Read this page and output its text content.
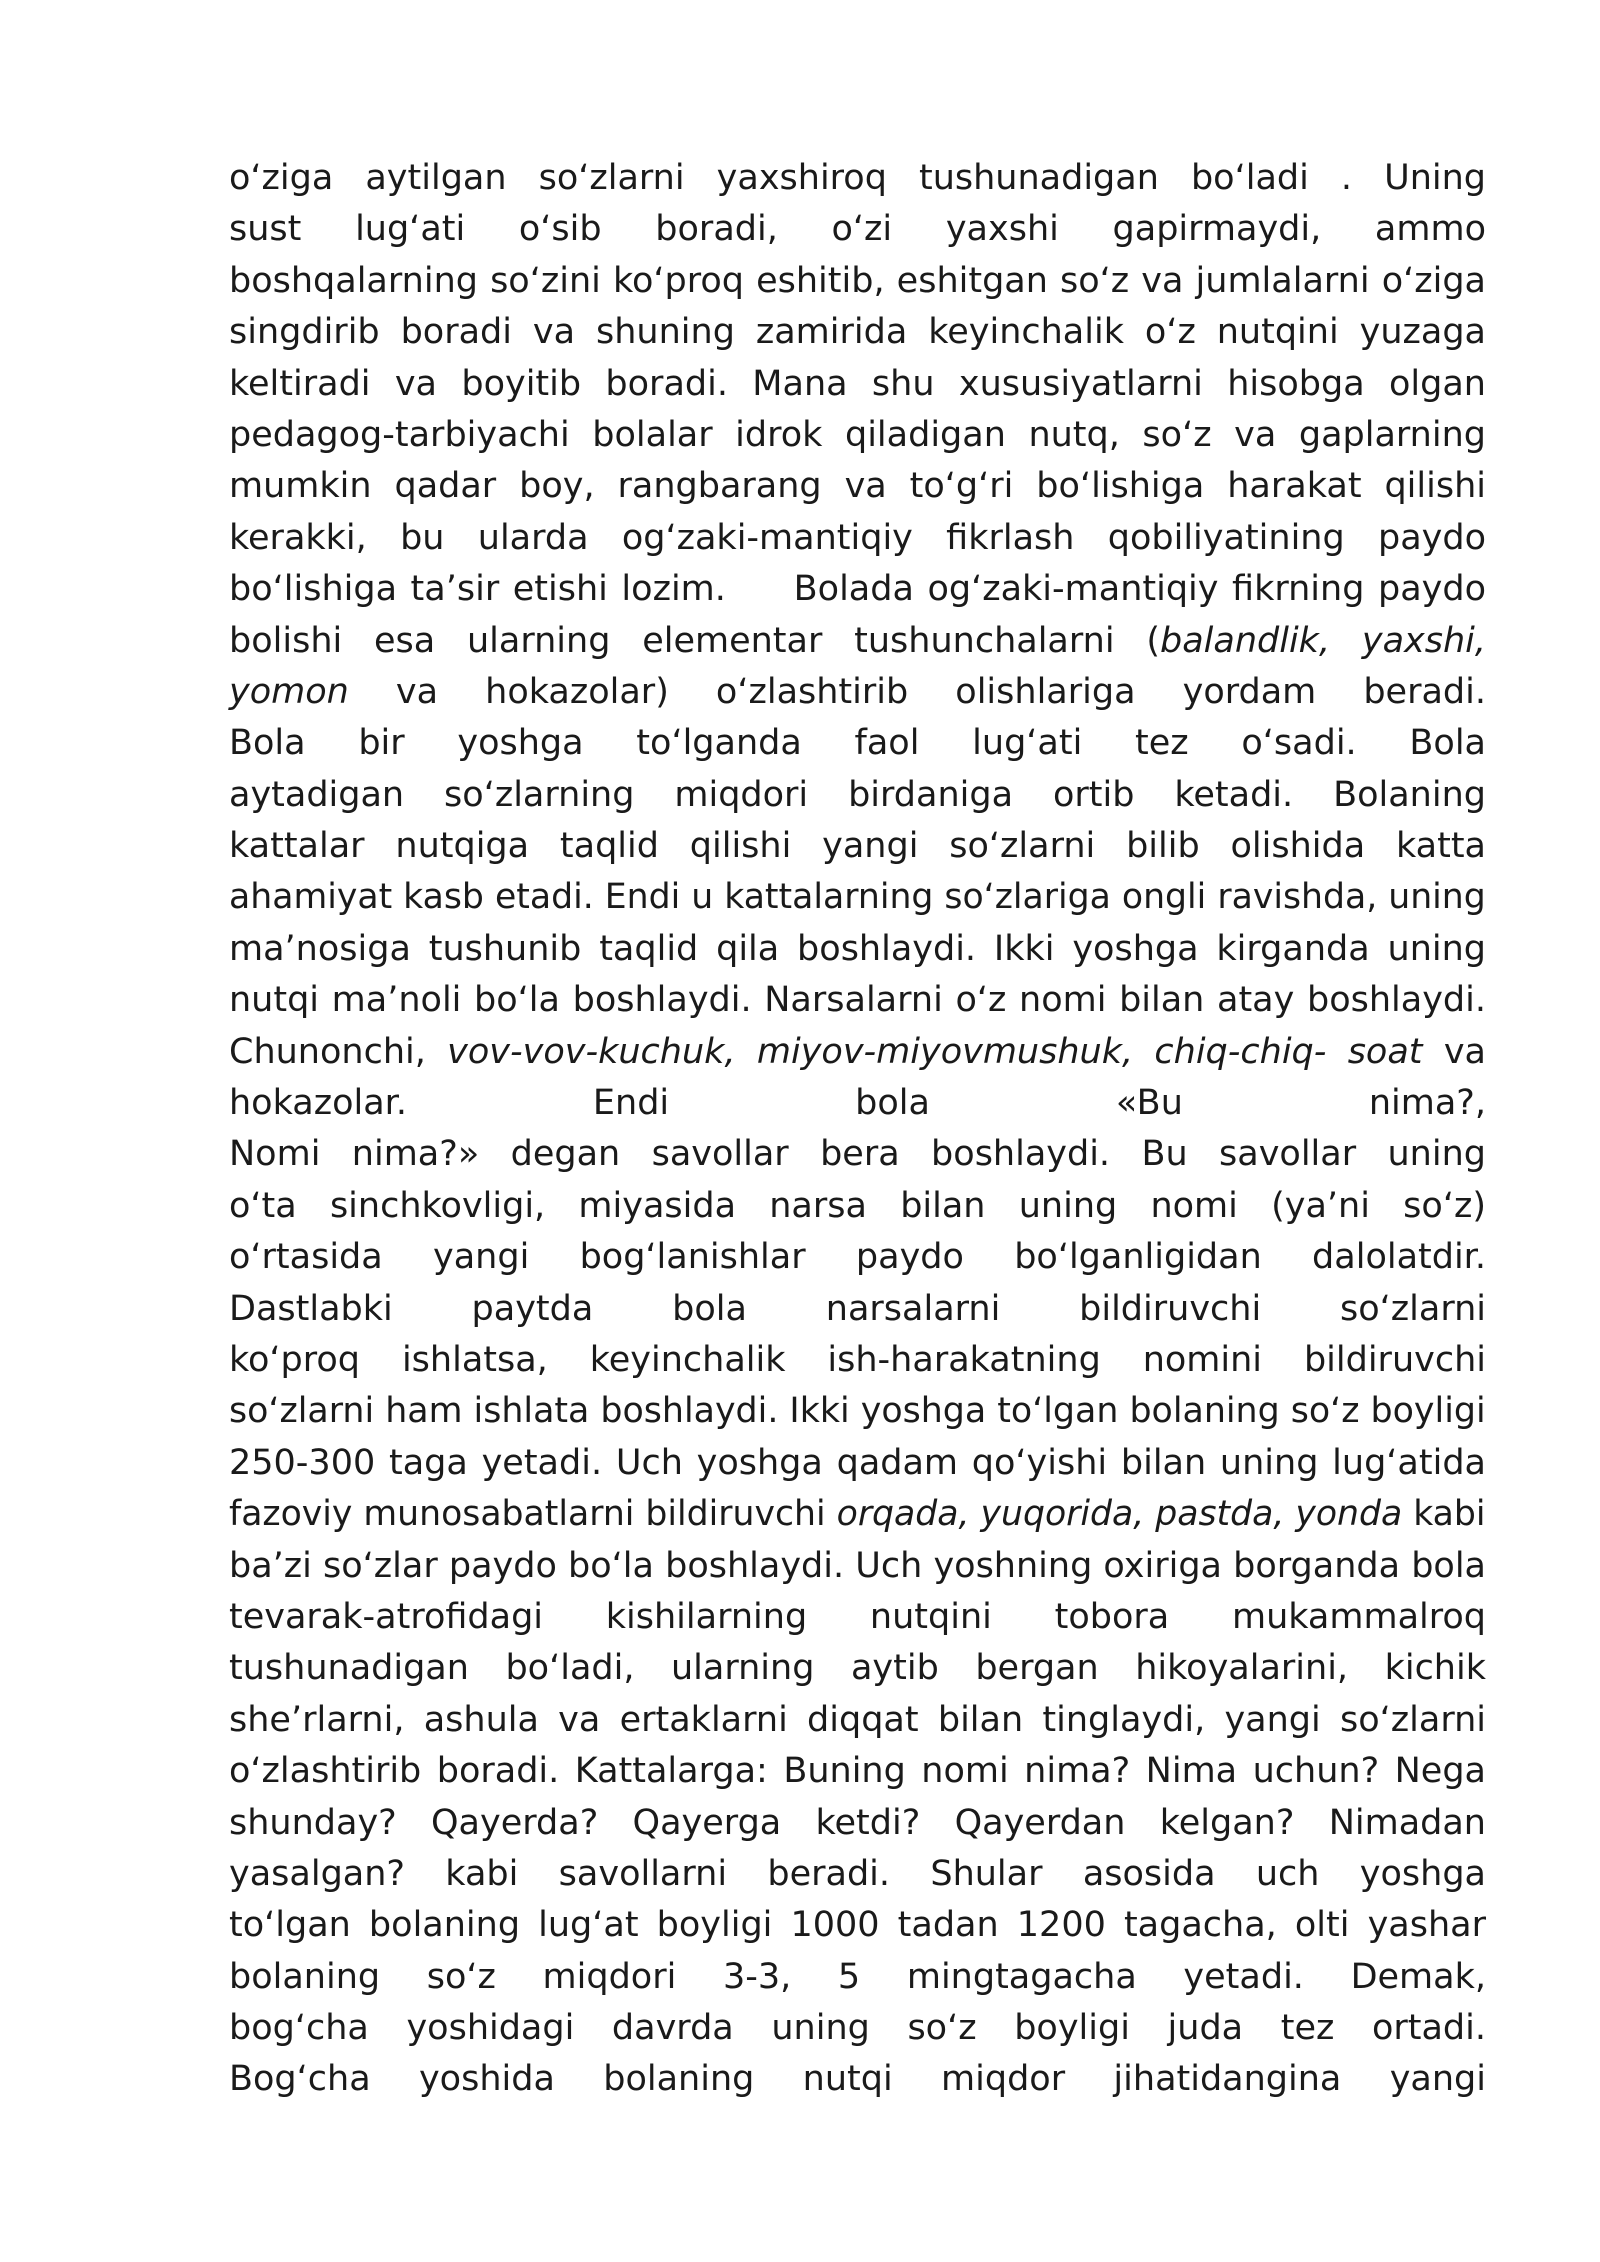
oʻziga aytilgan soʻzlarni yaxshiroq tushunadigan boʻladi . Uning
sust lugʻati oʻsib boradi, oʻzi yaxshi gapirmaydi, ammo
boshqalarning soʻzini koʻproq eshitib, eshitgan soʻz va jumlalarni oʻziga
singdirib boradi va shuning zamirida keyinchalik oʻz nutqini yuzaga
keltiradi va boyitib boradi. Mana shu xususiyatlarni hisobga olgan
pedagog-tarbiyachi bolalar idrok qiladigan nutq, soʻz va gaplarning
mumkin qadar boy, rangbarang va toʻgʻri boʻlishiga harakat qilishi
kerakki, bu ularda ogʻzaki-mantiqiy fikrlash qobiliyatining paydo
boʻlishiga taʼsir etishi lozim.     Bolada ogʻzaki-mantiqiy fikrning paydo
bolishi esa ularning elementar tushunchalarni (balandlik, yaxshi,
yomon va hokazolar) oʻzlashtirib olishlariga yordam beradi.
Bola bir yoshga toʻlganda faol lugʻati tez oʻsadi. Bola
aytadigan soʻzlarning miqdori birdaniga ortib ketadi. Bolaning
kattalar nutqiga taqlid qilishi yangi soʻzlarni bilib olishida katta
ahamiyat kasb etadi. Endi u kattalarning soʻzlariga ongli ravishda, uning
maʼnosiga tushunib taqlid qila boshlaydi. Ikki yoshga kirganda uning
nutqi maʼnoli boʻla boshlaydi. Narsalarni oʻz nomi bilan atay boshlaydi.
Chunonchi, vov-vov-kuchuk, miyov-miyovmushuk, chiq-chiq- soat va
hokazolar. Endi bola «Bu nima?,
Nomi nima?» degan savollar bera boshlaydi. Bu savollar uning
oʻta sinchkovligi, miyasida narsa bilan uning nomi (yaʼni soʻz)
oʻrtasida yangi bogʻlanishlar paydo boʻlganligidan dalolatdir.
Dastlabki paytda bola narsalarni bildiruvchi soʻzlarni
koʻproq ishlatsa, keyinchalik ish-harakatning nomini bildiruvchi
soʻzlarni ham ishlata boshlaydi. Ikki yoshga toʻlgan bolaning soʻz boyligi
250-300 taga yetadi. Uch yoshga qadam qoʻyishi bilan uning lugʻatida
fazoviy munosabatlarni bildiruvchi orqada, yuqorida, pastda, yonda kabi
baʼzi soʻzlar paydo boʻla boshlaydi. Uch yoshning oxiriga borganda bola
tevarak-atrofidagi kishilarning nutqini tobora mukammalroq
tushunadigan boʻladi, ularning aytib bergan hikoyalarini, kichik
sheʼrlarni, ashula va ertaklarni diqqat bilan tinglaydi, yangi soʻzlarni
oʻzlashtirib boradi. Kattalarga: Buning nomi nima? Nima uchun? Nega
shunday? Qayerda? Qayerga ketdi? Qayerdan kelgan? Nimadan
yasalgan? kabi savollarni beradi. Shular asosida uch yoshga
toʻlgan bolaning lugʻat boyligi 1000 tadan 1200 tagacha, olti yashar
bolaning soʻz miqdori 3-3, 5 mingtagacha yetadi. Demak,
bogʻcha yoshidagi davrda uning soʻz boyligi juda tez ortadi.
Bogʻcha yoshida bolaning nutqi miqdor jihatidangina yangi
